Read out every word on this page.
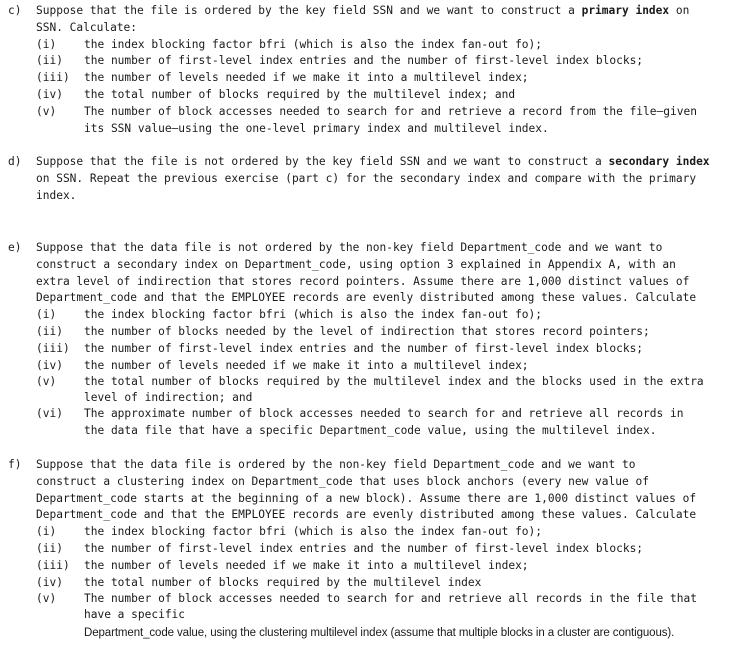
c) Suppose that the file is ordered by the key field SSN and we want to construct a primary index on
SSN. Calculate:
(i) the index blocking factor bfri (which is also the index fan-out fo);
(ii) the number of first-level index entries and the number of first-level index blocks;
(iii) the number of levels needed if we make it into a multilevel index;
(iv) the total number of blocks required by the multilevel index; and
(v) The number of block accesses needed to search for and retrieve a record from the file—given
its SSN value—using the one-level primary index and multilevel index.
d) Suppose that the file is not ordered by the key field SSN and we want to construct a secondary index
on SSN. Repeat the previous exercise (part c) for the secondary index and compare with the primary
index.
e) Suppose that the data file is not ordered by the non-key field Department_code and we want to
construct a secondary index on Department_code, using option 3 explained in Appendix A, with an
extra level of indirection that stores record pointers. Assume there are 1,000 distinct values of
Department_code and that the EMPLOYEE records are evenly distributed among these values. Calculate
(i) the index blocking factor bfri (which is also the index fan-out fo);
(ii) the number of blocks needed by the level of indirection that stores record pointers;
(iii) the number of first-level index entries and the number of first-level index blocks;
(iv) the number of levels needed if we make it into a multilevel index;
(v) the total number of blocks required by the multilevel index and the blocks used in the extra
level of indirection; and
(vi) The approximate number of block accesses needed to search for and retrieve all records in
the data file that have a specific Department_code value, using the multilevel index.
f) Suppose that the data file is ordered by the non-key field Department_code and we want to
construct a clustering index on Department_code that uses block anchors (every new value of
Department_code starts at the beginning of a new block). Assume there are 1,000 distinct values of
Department_code and that the EMPLOYEE records are evenly distributed among these values. Calculate
(i) the index blocking factor bfri (which is also the index fan-out fo);
(ii) the number of first-level index entries and the number of first-level index blocks;
(iii) the number of levels needed if we make it into a multilevel index;
(iv) the total number of blocks required by the multilevel index
(v) The number of block accesses needed to search for and retrieve all records in the file that
have a specific
Department_code value, using the clustering multilevel index (assume that multiple blocks in a cluster are contiguous).
